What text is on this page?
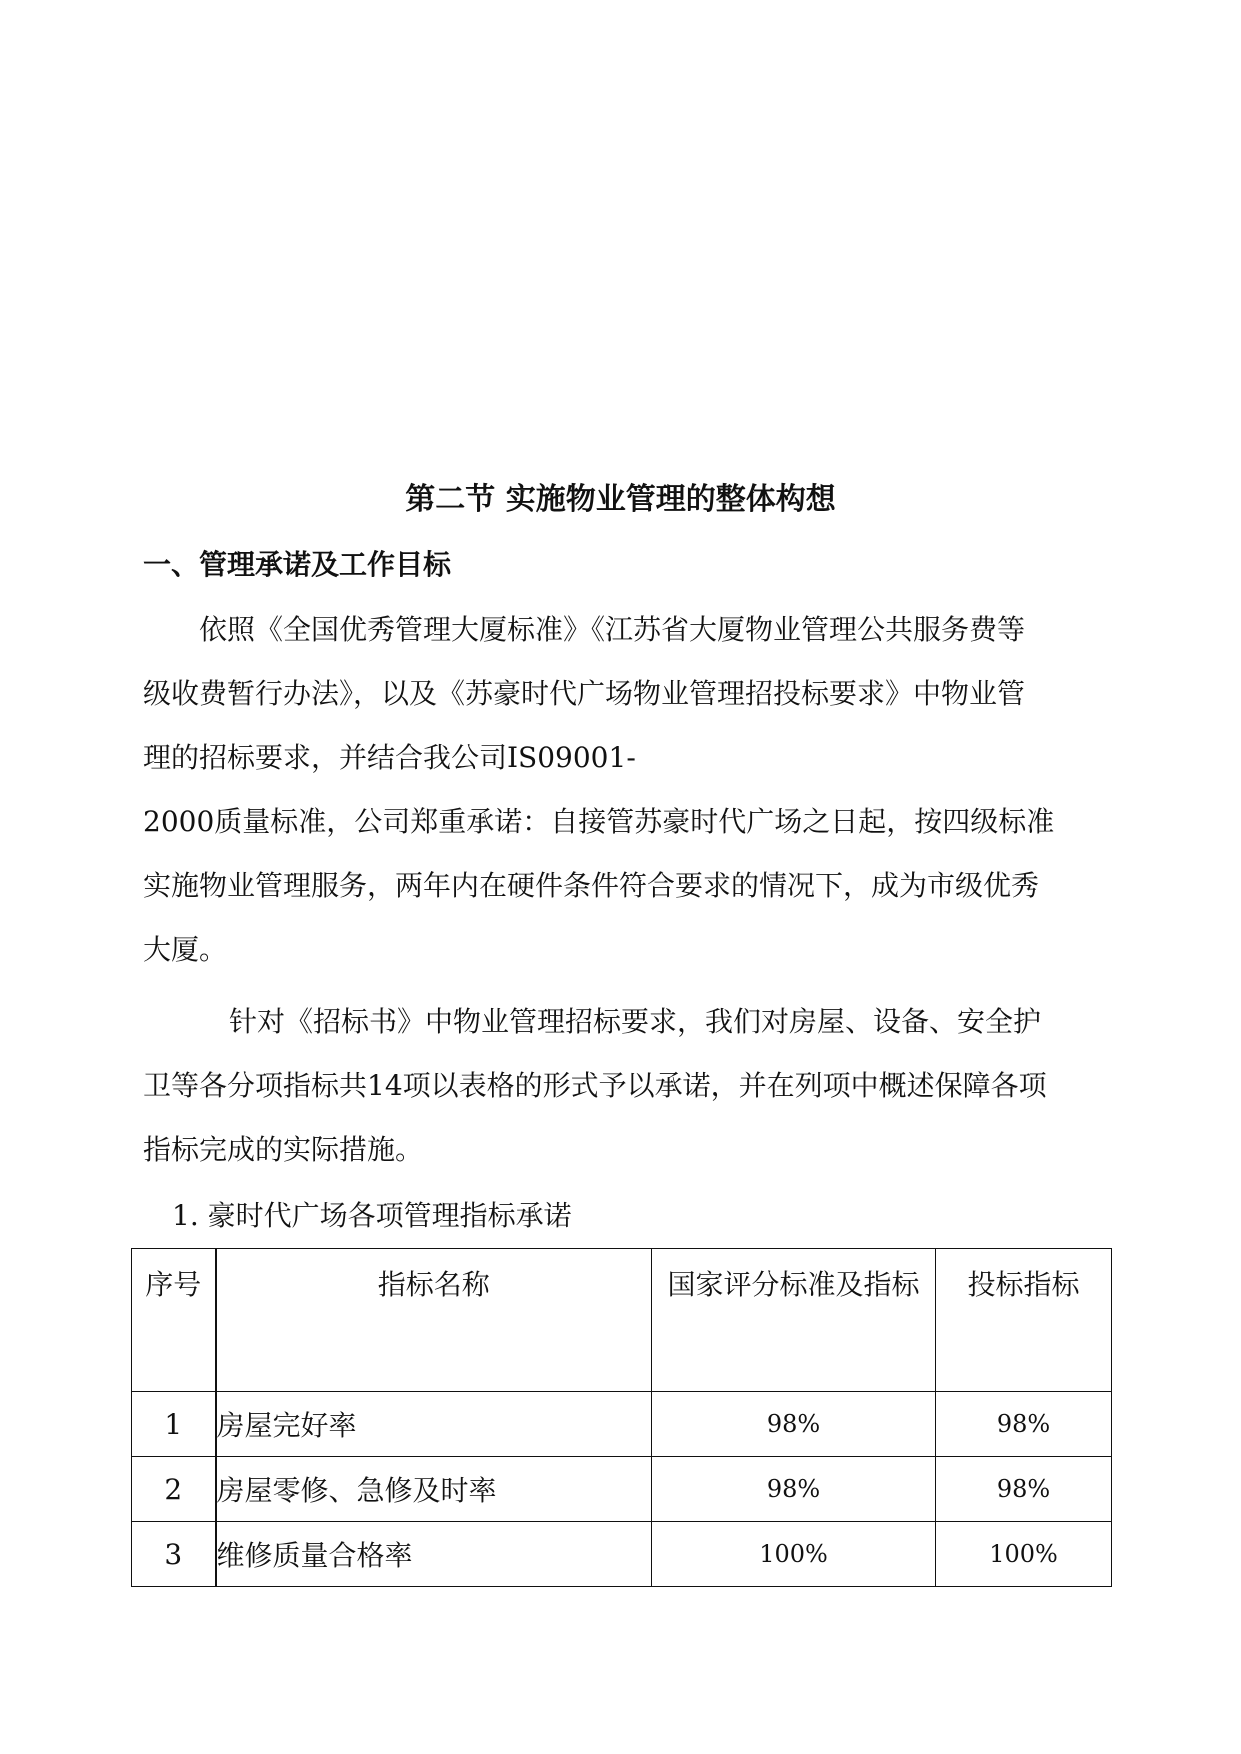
第二节 实施物业管理的整体构想
一、管理承诺及工作目标
依照《全国优秀管理大厦标准》《江苏省大厦物业管理公共服务费等
级收费暂行办法》，以及《苏豪时代广场物业管理招投标要求》中物业管
理的招标要求，并结合我公司IS09001-
2000质量标准，公司郑重承诺：自接管苏豪时代广场之日起，按四级标准
实施物业管理服务，两年内在硬件条件符合要求的情况下，成为市级优秀
大厦。
针对《招标书》中物业管理招标要求，我们对房屋、设备、安全护
卫等各分项指标共14项以表格的形式予以承诺，并在列项中概述保障各项
指标完成的实际措施。
1. 豪时代广场各项管理指标承诺
序号	指标名称	国家评分标准及指标	投标指标
1	房屋完好率	98%	98%
2	房屋零修、急修及时率	98%	98%
3	维修质量合格率	100%	100%
